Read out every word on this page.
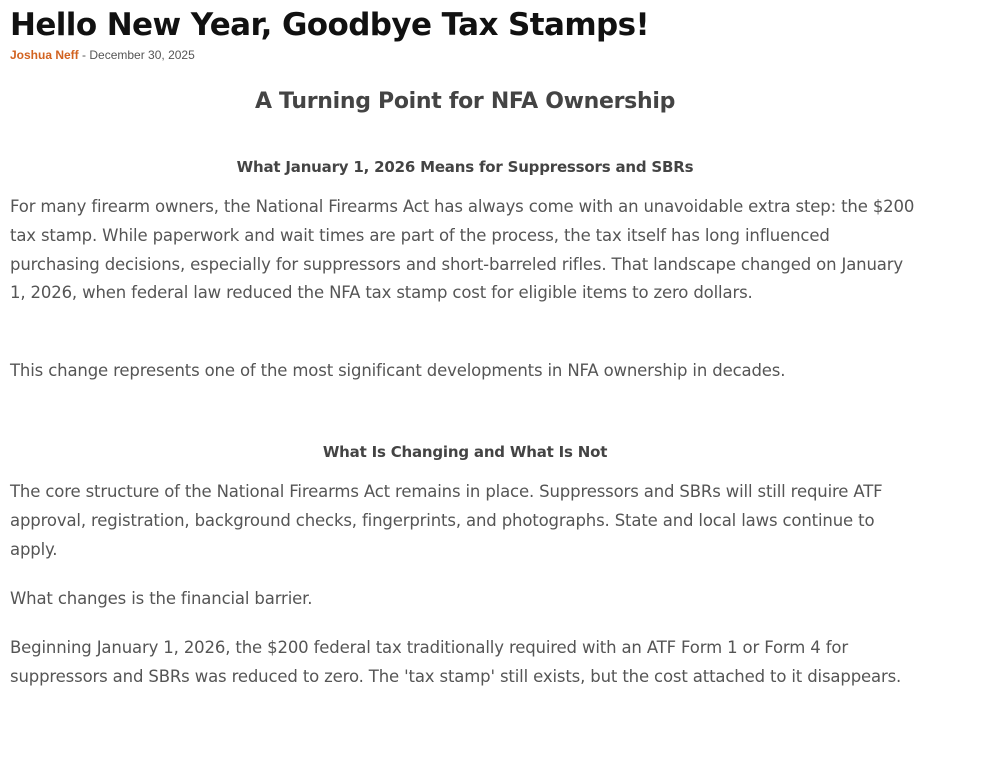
Hello New Year, Goodbye Tax Stamps!
Joshua Neff - December 30, 2025
A Turning Point for NFA Ownership
What January 1, 2026 Means for Suppressors and SBRs

For many firearm owners, the National Firearms Act has always come with an unavoidable extra step: the $200 tax stamp. While paperwork and wait times are part of the process, the tax itself has long influenced purchasing decisions, especially for suppressors and short-barreled rifles. That landscape changed on January 1, 2026, when federal law reduced the NFA tax stamp cost for eligible items to zero dollars.

This change represents one of the most significant developments in NFA ownership in decades.

What Is Changing and What Is Not

The core structure of the National Firearms Act remains in place. Suppressors and SBRs will still require ATF approval, registration, background checks, fingerprints, and photographs. State and local laws continue to apply.

What changes is the financial barrier.

Beginning January 1, 2026, the $200 federal tax traditionally required with an ATF Form 1 or Form 4 for suppressors and SBRs was reduced to zero. The 'tax stamp' still exists, but the cost attached to it disappears.
